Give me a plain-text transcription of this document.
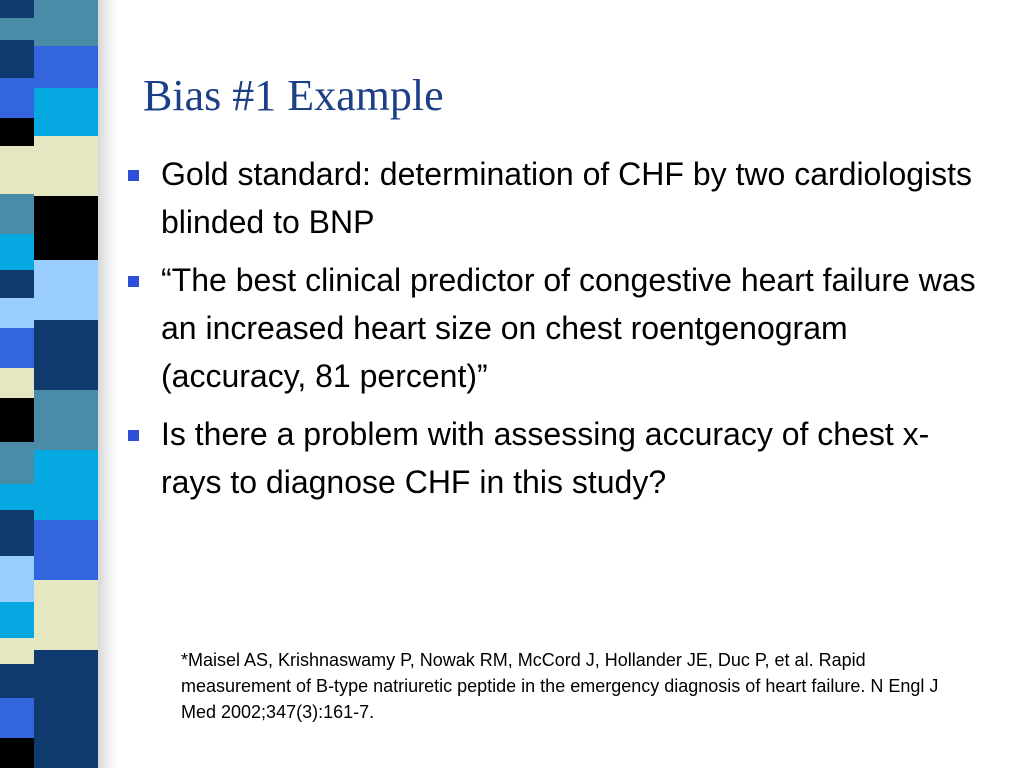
Bias #1 Example
Gold standard: determination of CHF by two cardiologists blinded to BNP
“The best clinical predictor of congestive heart failure was an increased heart size on chest roentgenogram (accuracy, 81 percent)”
Is there a problem with assessing accuracy of chest x-rays to diagnose CHF in this study?

*Maisel AS, Krishnaswamy P, Nowak RM, McCord J, Hollander JE, Duc P, et al. Rapid measurement of B-type natriuretic peptide in the emergency diagnosis of heart failure. N Engl J Med 2002;347(3):161-7.
